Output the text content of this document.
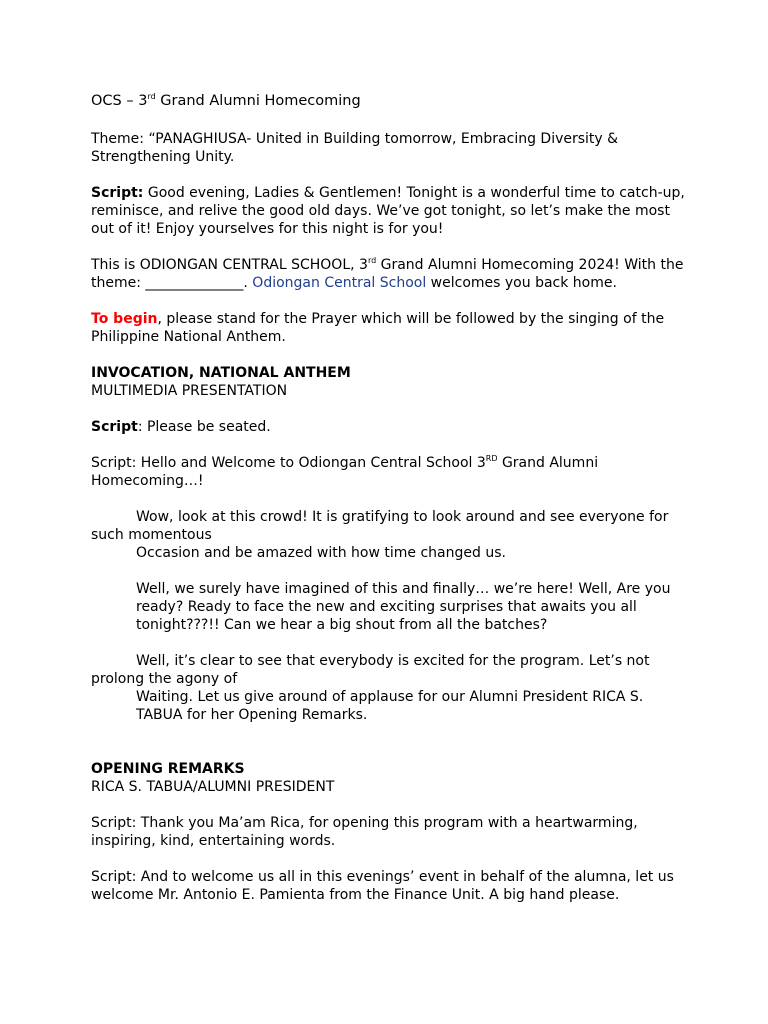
OCS – 3rd Grand Alumni Homecoming

Theme: “PANAGHIUSA- United in Building tomorrow, Embracing Diversity &

Strengthening Unity.

Script: Good evening, Ladies & Gentlemen! Tonight is a wonderful time to catch-up,

reminisce, and relive the good old days. We’ve got tonight, so let’s make the most

out of it! Enjoy yourselves for this night is for you!

This is ODIONGAN CENTRAL SCHOOL, 3rd Grand Alumni Homecoming 2024! With the

theme: ______________. Odiongan Central School welcomes you back home.

To begin, please stand for the Prayer which will be followed by the singing of the

Philippine National Anthem.

INVOCATION, NATIONAL ANTHEM

MULTIMEDIA PRESENTATION

Script: Please be seated.

Script: Hello and Welcome to Odiongan Central School 3RD Grand Alumni

Homecoming…!

Wow, look at this crowd! It is gratifying to look around and see everyone for

such momentous

Occasion and be amazed with how time changed us.

Well, we surely have imagined of this and finally… we’re here! Well, Are you

ready? Ready to face the new and exciting surprises that awaits you all

tonight???!! Can we hear a big shout from all the batches?

Well, it’s clear to see that everybody is excited for the program. Let’s not

prolong the agony of

Waiting. Let us give around of applause for our Alumni President RICA S.

TABUA for her Opening Remarks.

OPENING REMARKS

RICA S. TABUA/ALUMNI PRESIDENT

Script: Thank you Ma’am Rica, for opening this program with a heartwarming,

inspiring, kind, entertaining words.

Script: And to welcome us all in this evenings’ event in behalf of the alumna, let us

welcome Mr. Antonio E. Pamienta from the Finance Unit. A big hand please.
